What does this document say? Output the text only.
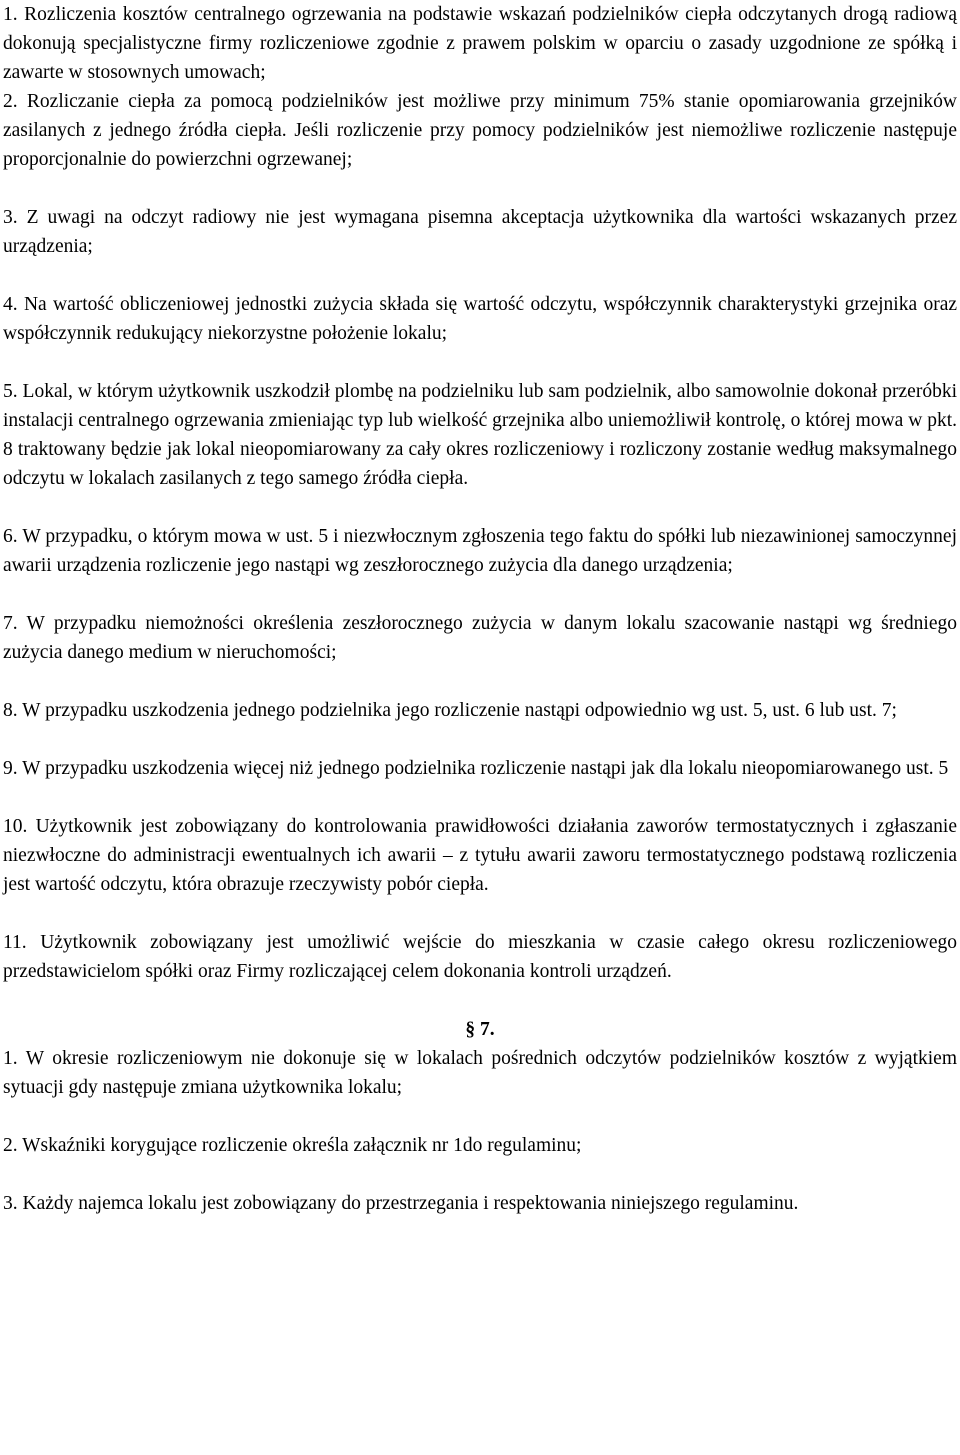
1. Rozliczenia kosztów centralnego ogrzewania na podstawie wskazań podzielników ciepła odczytanych drogą radiową dokonują specjalistyczne firmy rozliczeniowe zgodnie z prawem polskim w oparciu o zasady uzgodnione ze spółką i zawarte w stosownych umowach;

2. Rozliczanie ciepła za pomocą podzielników jest możliwe przy minimum 75% stanie opomiarowania grzejników zasilanych z jednego źródła ciepła. Jeśli rozliczenie przy pomocy podzielników jest niemożliwe rozliczenie następuje proporcjonalnie do powierzchni ogrzewanej;

3. Z uwagi na odczyt radiowy nie jest wymagana pisemna akceptacja użytkownika dla wartości wskazanych przez urządzenia;

4. Na wartość obliczeniowej jednostki zużycia składa się wartość odczytu, współczynnik charakterystyki grzejnika oraz współczynnik redukujący niekorzystne położenie lokalu;

5. Lokal, w którym użytkownik uszkodził plombę na podzielniku lub sam podzielnik, albo samowolnie dokonał przeróbki instalacji centralnego ogrzewania zmieniając typ lub wielkość grzejnika albo uniemożliwił kontrolę, o której mowa w pkt. 8 traktowany będzie jak lokal nieopomiarowany za cały okres rozliczeniowy i rozliczony zostanie według maksymalnego odczytu w lokalach zasilanych z tego samego źródła ciepła.

6. W przypadku, o którym mowa w ust. 5 i niezwłocznym zgłoszenia tego faktu do spółki lub niezawinionej samoczynnej awarii urządzenia rozliczenie jego nastąpi wg zeszłorocznego zużycia dla danego urządzenia;

7. W przypadku niemożności określenia zeszłorocznego zużycia w danym lokalu szacowanie nastąpi wg średniego zużycia danego medium w nieruchomości;

8. W przypadku uszkodzenia jednego podzielnika jego rozliczenie nastąpi odpowiednio wg ust. 5, ust. 6 lub ust. 7;

9. W przypadku uszkodzenia więcej niż jednego podzielnika rozliczenie nastąpi jak dla lokalu nieopomiarowanego ust. 5

10. Użytkownik jest zobowiązany do kontrolowania prawidłowości działania zaworów termostatycznych i zgłaszanie niezwłoczne do administracji ewentualnych ich awarii – z tytułu awarii zaworu termostatycznego podstawą rozliczenia jest wartość odczytu, która obrazuje rzeczywisty pobór ciepła.

11. Użytkownik zobowiązany jest umożliwić wejście do mieszkania w czasie całego okresu rozliczeniowego przedstawicielom spółki oraz Firmy rozliczającej celem dokonania kontroli urządzeń.

§ 7.

1. W okresie rozliczeniowym nie dokonuje się w lokalach pośrednich odczytów podzielników kosztów z wyjątkiem sytuacji gdy następuje zmiana użytkownika lokalu;

2. Wskaźniki korygujące rozliczenie określa załącznik nr 1do regulaminu;

3. Każdy najemca lokalu jest zobowiązany do przestrzegania i respektowania niniejszego regulaminu.
